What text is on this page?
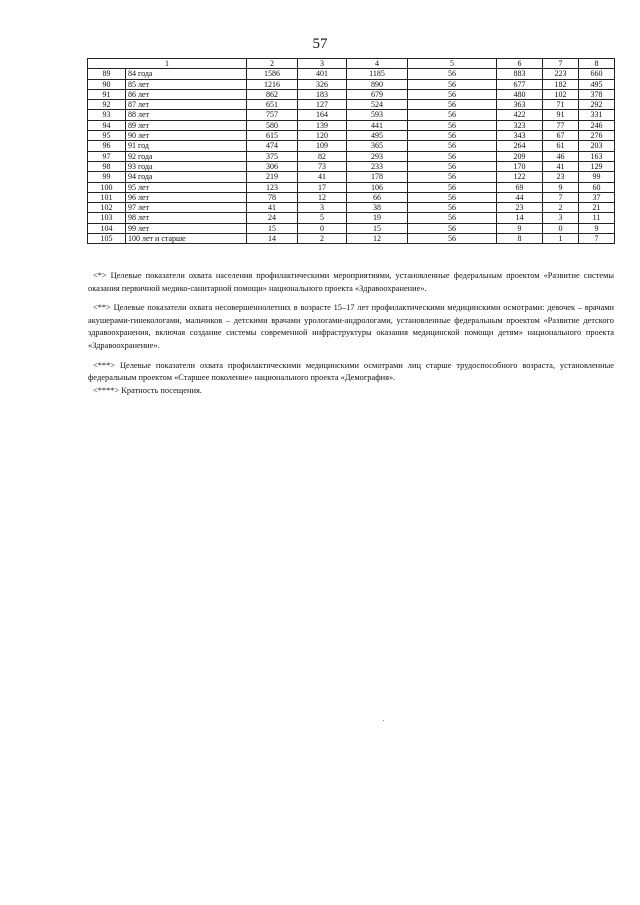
57
1		2	3	4	5	6	7	8
89	84 года	1586	401	1185	56	883	223	660
90	85 лет	1216	326	890	56	677	182	495
91	86 лет	862	183	679	56	480	102	378
92	87 лет	651	127	524	56	363	71	292
93	88 лет	757	164	593	56	422	91	331
94	89 лет	580	139	441	56	323	77	246
95	90 лет	615	120	495	56	343	67	276
96	91 год	474	109	365	56	264	61	203
97	92 года	375	82	293	56	209	46	163
98	93 года	306	73	233	56	170	41	129
99	94 года	219	41	178	56	122	23	99
100	95 лет	123	17	106	56	69	9	60
101	96 лет	78	12	66	56	44	7	37
102	97 лет	41	3	38	56	23	2	21
103	98 лет	24	5	19	56	14	3	11
104	99 лет	15	0	15	56	9	0	9
105	100 лет и старше	14	2	12	56	8	1	7

<*> Целевые показатели охвата населения профилактическими мероприятиями, установленные федеральным проектом «Развитие системы оказания первичной медико-санитарной помощи» национального проекта «Здравоохранение».

<**> Целевые показатели охвата несовершеннолетних в возрасте 15–17 лет профилактическими медицинскими осмотрами: девочек – врачами акушерами-гинекологами, мальчиков – детскими врачами урологами-андрологами, установленные федеральным проектом «Развитие детского здравоохранения, включая создание системы современной инфраструктуры оказания медицинской помощи детям» национального проекта «Здравоохранение».

<***> Целевые показатели охвата профилактическими медицинскими осмотрами лиц старше трудоспособного возраста, установленные федеральным проектом «Старшее поколение» национального проекта «Демография».

<****> Кратность посещения.
